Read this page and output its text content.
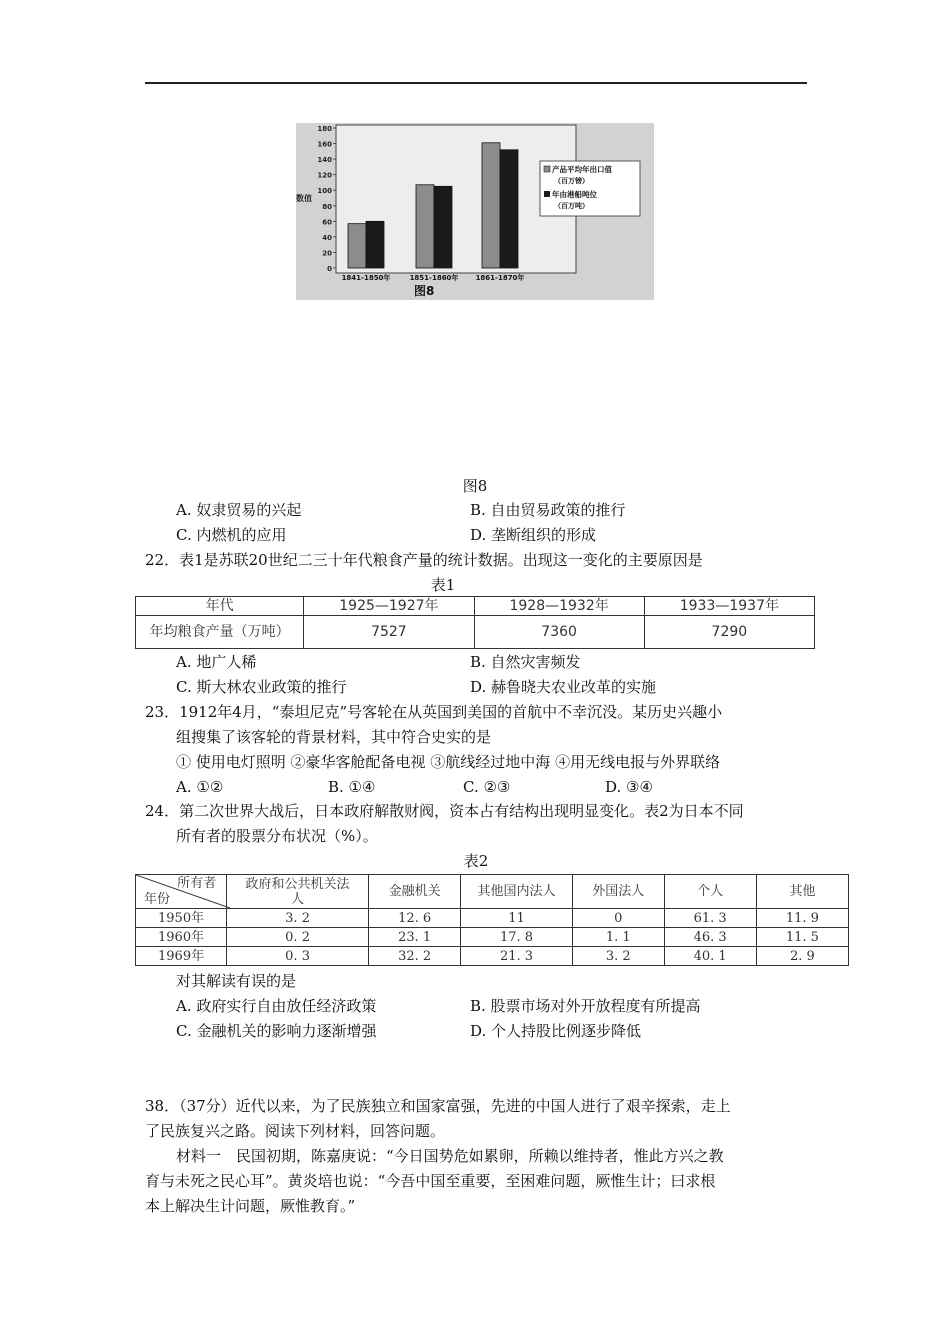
数值
180
160
140
120
100
80
60
40
20
0
1841-1850年	1851-1860年 1861-1870年
产品平均年出口值
（百万镑）
年由港船吨位
（百万吨）
图8
图8
A. 奴隶贸易的兴起	B. 自由贸易政策的推行
C. 内燃机的应用	D. 垄断组织的形成
22．表1是苏联20世纪二三十年代粮食产量的统计数据。出现这一变化的主要原因是
表1
年代	1925—1927年	1928—1932年	1933—1937年
年均粮食产量（万吨）	7527	7360	7290
A. 地广人稀	B. 自然灾害频发
C. 斯大林农业政策的推行	D. 赫鲁晓夫农业改革的实施
23．1912年4月，“泰坦尼克”号客轮在从英国到美国的首航中不幸沉没。某历史兴趣小
组搜集了该客轮的背景材料，其中符合史实的是
① 使用电灯照明 ②豪华客舱配备电视 ③航线经过地中海 ④用无线电报与外界联络
A. ①②	B. ①④	C. ②③	D. ③④
24．第二次世界大战后，日本政府解散财阀，资本占有结构出现明显变化。表2为日本不同
所有者的股票分布状况（%）。
表2
所有者
年份	政府和公共机关法人	金融机关	其他国内法人	外国法人	个人	其他
1950年	3. 2	12. 6	11	0	61. 3	11. 9
1960年	0. 2	23. 1	17. 8	1. 1	46. 3	11. 5
1969年	0. 3	32. 2	21. 3	3. 2	40. 1	2. 9
对其解读有误的是
A. 政府实行自由放任经济政策	B. 股票市场对外开放程度有所提高
C. 金融机关的影响力逐渐增强	D. 个人持股比例逐步降低
38．（37分）近代以来，为了民族独立和国家富强，先进的中国人进行了艰辛探索，走上
了民族复兴之路。阅读下列材料，回答问题。
材料一　民国初期，陈嘉庚说：“今日国势危如累卵，所赖以维持者，惟此方兴之教
育与未死之民心耳”。黄炎培也说：“今吾中国至重要，至困难问题，厥惟生计；曰求根
本上解决生计问题，厥惟教育。”
